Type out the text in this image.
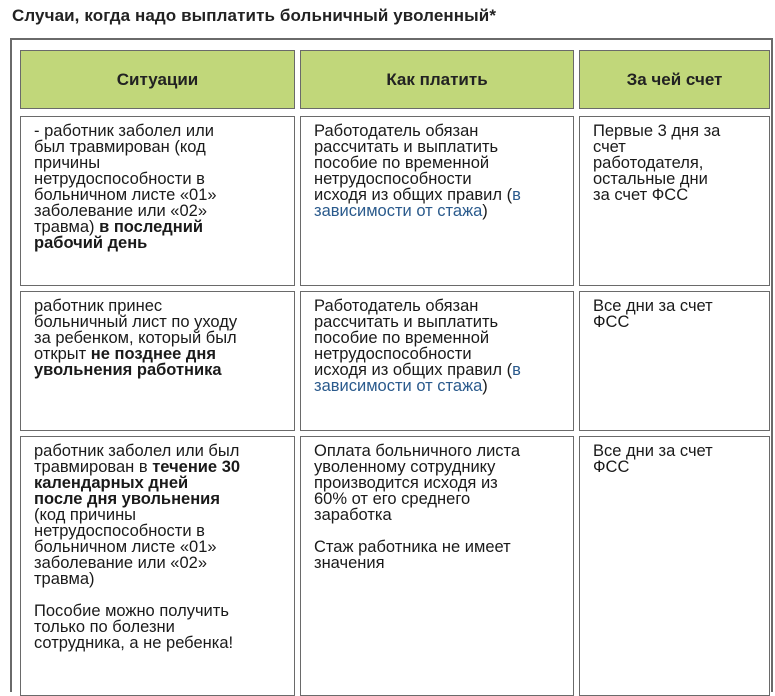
Случаи, когда надо выплатить больничный уволенный*
Ситуации	Как платить	За чей счет
- работник заболел или
был травмирован (код
причины
нетрудоспособности в
больничном листе «01»
заболевание или «02»
травма) в последний
рабочий день
Работодатель обязан
рассчитать и выплатить
пособие по временной
нетрудоспособности
исходя из общих правил (в
зависимости от стажа)
Первые 3 дня за
счет
работодателя,
остальные дни
за счет ФСС
работник принес
больничный лист по уходу
за ребенком, который был
открыт не позднее дня
увольнения работника
Работодатель обязан
рассчитать и выплатить
пособие по временной
нетрудоспособности
исходя из общих правил (в
зависимости от стажа)
Все дни за счет
ФСС
работник заболел или был
травмирован в течение 30
календарных дней
после дня увольнения
(код причины
нетрудоспособности в
больничном листе «01»
заболевание или «02»
травма)
Пособие можно получить
только по болезни
сотрудника, а не ребенка!
Оплата больничного листа
уволенному сотруднику
производится исходя из
60% от его среднего
заработка
Стаж работника не имеет
значения
Все дни за счет
ФСС
